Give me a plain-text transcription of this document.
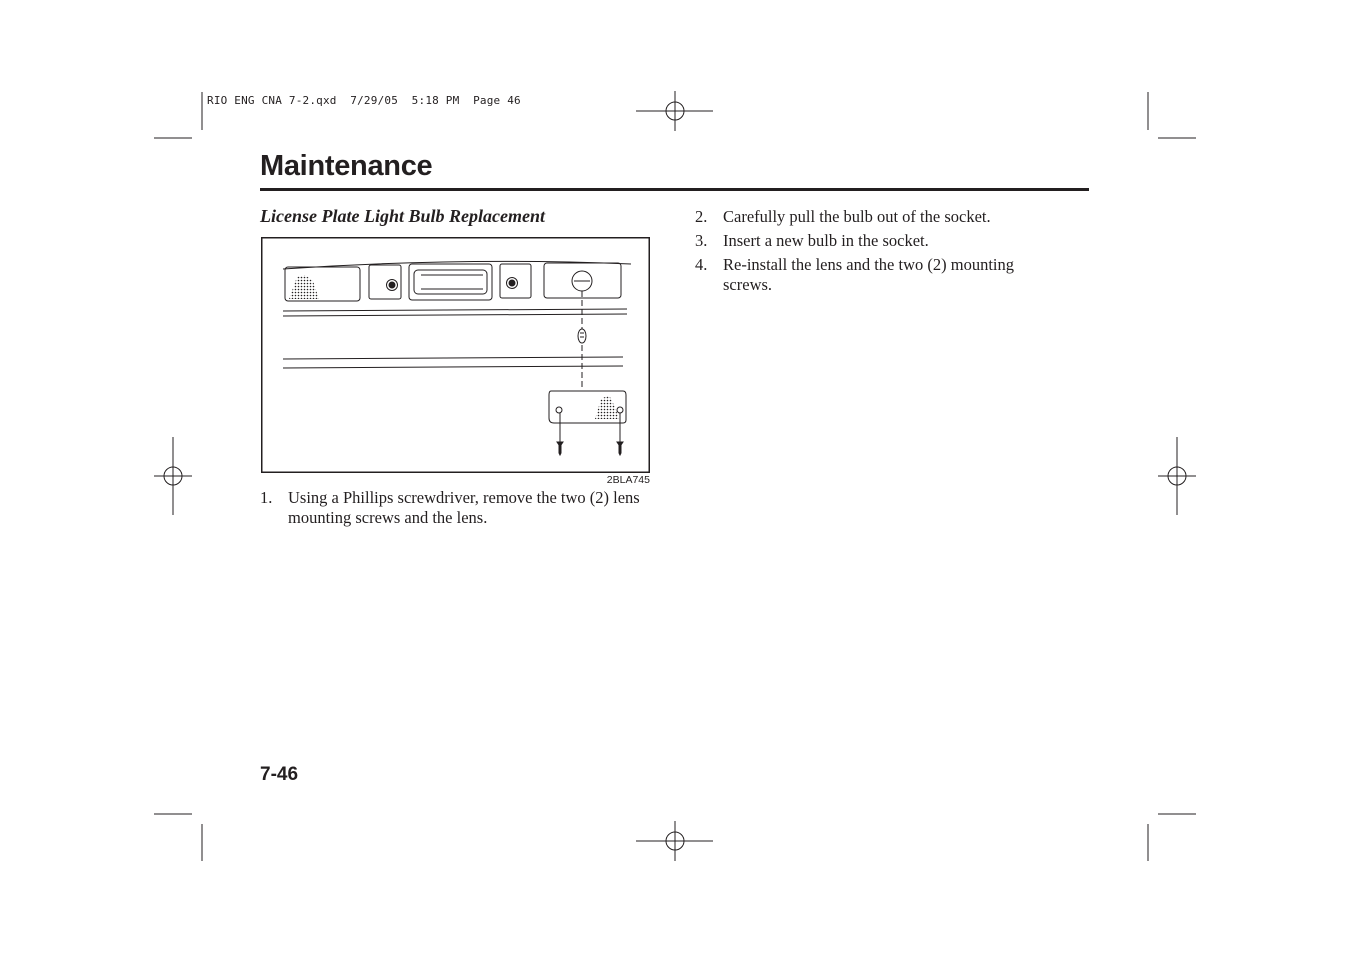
RIO ENG CNA 7-2.qxd  7/29/05  5:18 PM  Page 46
Maintenance
License Plate Light Bulb Replacement
2BLA745
1. Using a Phillips screwdriver, remove the two (2) lens mounting screws and the lens.
2. Carefully pull the bulb out of the socket.
3. Insert a new bulb in the socket.
4. Re-install the lens and the two (2) mounting screws.
7-46
